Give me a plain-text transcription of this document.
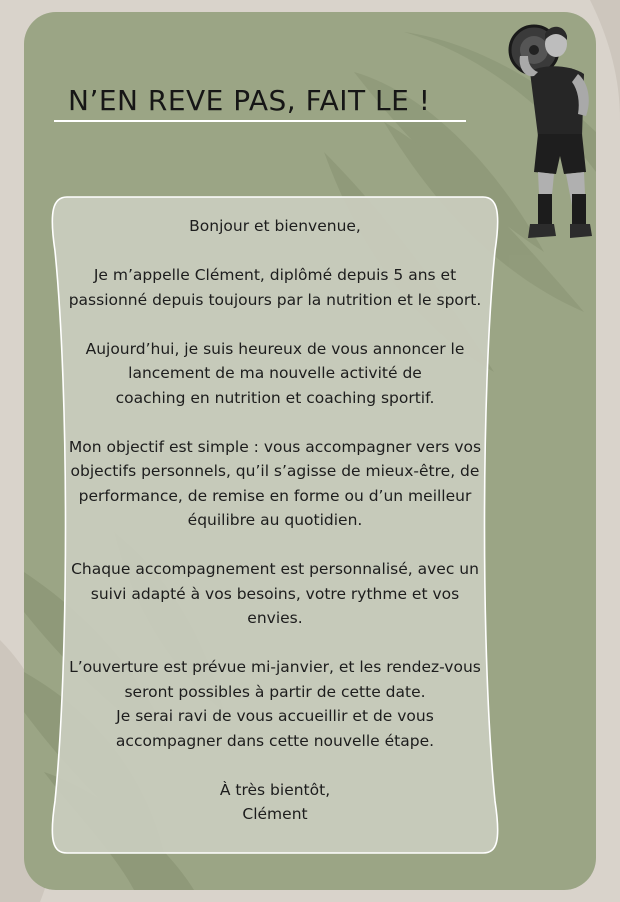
N’EN REVE PAS, FAIT LE !

Bonjour et bienvenue,

Je m’appelle Clément, diplômé depuis 5 ans et
passionné depuis toujours par la nutrition et le sport.

Aujourd’hui, je suis heureux de vous annoncer le
lancement de ma nouvelle activité de
coaching en nutrition et coaching sportif.

Mon objectif est simple : vous accompagner vers vos
objectifs personnels, qu’il s’agisse de mieux-être, de
performance, de remise en forme ou d’un meilleur
équilibre au quotidien.

Chaque accompagnement est personnalisé, avec un
suivi adapté à vos besoins, votre rythme et vos
envies.

L’ouverture est prévue mi-janvier, et les rendez-vous
seront possibles à partir de cette date.
Je serai ravi de vous accueillir et de vous
accompagner dans cette nouvelle étape.

À très bientôt,
Clément
